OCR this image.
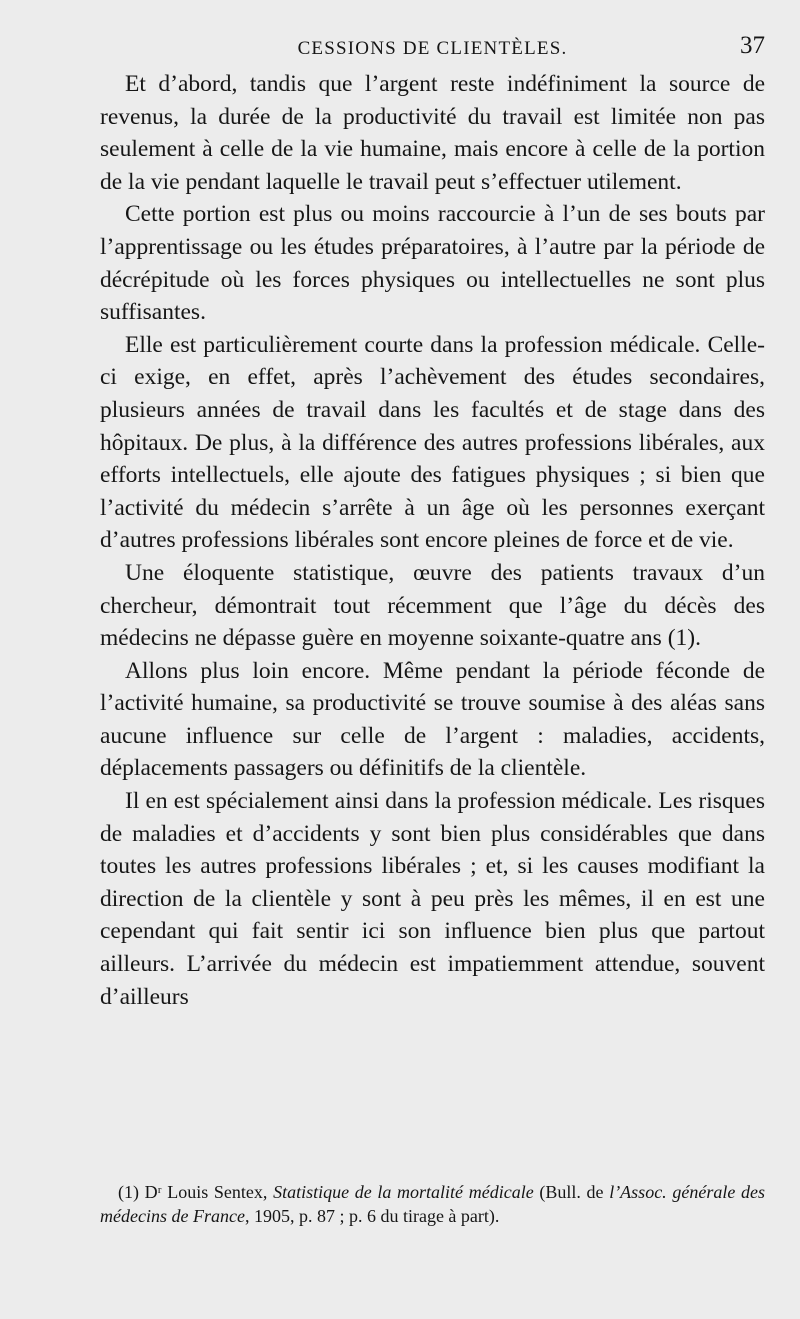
CESSIONS DE CLIENTÈLES.	37

Et d’abord, tandis que l’argent reste indéfiniment la source de revenus, la durée de la productivité du travail est limitée non pas seulement à celle de la vie humaine, mais encore à celle de la portion de la vie pendant laquelle le travail peut s’effectuer utilement.

Cette portion est plus ou moins raccourcie à l’un de ses bouts par l’apprentissage ou les études préparatoires, à l’autre par la période de décrépitude où les forces physiques ou intellectuelles ne sont plus suffisantes.

Elle est particulièrement courte dans la profession médicale. Celle-ci exige, en effet, après l’achèvement des études secondaires, plusieurs années de travail dans les facultés et de stage dans des hôpitaux. De plus, à la différence des autres professions libérales, aux efforts intellectuels, elle ajoute des fatigues physiques ; si bien que l’activité du médecin s’arrête à un âge où les personnes exerçant d’autres professions libérales sont encore pleines de force et de vie.

Une éloquente statistique, œuvre des patients travaux d’un chercheur, démontrait tout récemment que l’âge du décès des médecins ne dépasse guère en moyenne soixante-quatre ans (1).

Allons plus loin encore. Même pendant la période féconde de l’activité humaine, sa productivité se trouve soumise à des aléas sans aucune influence sur celle de l’argent : maladies, accidents, déplacements passagers ou définitifs de la clientèle.

Il en est spécialement ainsi dans la profession médicale. Les risques de maladies et d’accidents y sont bien plus considérables que dans toutes les autres professions libérales ; et, si les causes modifiant la direction de la clientèle y sont à peu près les mêmes, il en est une cependant qui fait sentir ici son influence bien plus que partout ailleurs. L’arrivée du médecin est impatiemment attendue, souvent d’ailleurs

(1) Dʳ Louis Sentex, Statistique de la mortalité médicale (Bull. de l’Assoc. générale des médecins de France, 1905, p. 87 ; p. 6 du tirage à part).
